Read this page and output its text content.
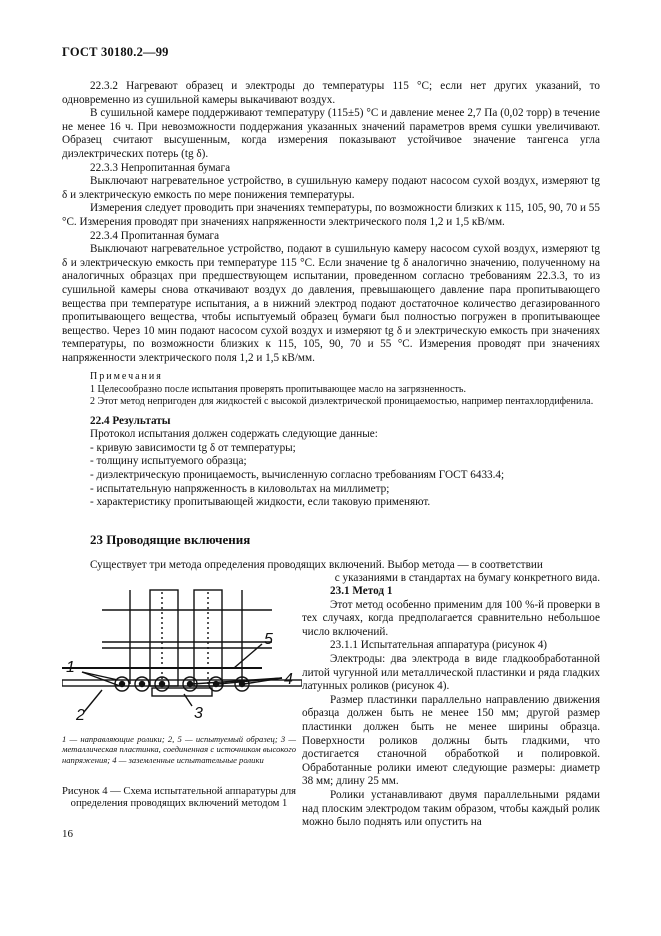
ГОСТ 30180.2—99

22.3.2 Нагревают образец и электроды до температуры 115 °С; если нет других указаний, то одновременно из сушильной камеры выкачивают воздух.

В сушильной камере поддерживают температуру (115±5) °С и давление менее 2,7 Па (0,02 торр) в течение не менее 16 ч. При невозможности поддержания указанных значений параметров время сушки увеличивают. Образец считают высушенным, когда измерения показывают устойчивое значение тангенса угла диэлектрических потерь (tg δ).

22.3.3 Непропитанная бумага

Выключают нагревательное устройство, в сушильную камеру подают насосом сухой воздух, измеряют tg δ и электрическую емкость по мере понижения температуры.

Измерения следует проводить при значениях температуры, по возможности близких к 115, 105, 90, 70 и 55 °С. Измерения проводят при значениях напряженности электрического поля 1,2 и 1,5 кВ/мм.

22.3.4 Пропитанная бумага

Выключают нагревательное устройство, подают в сушильную камеру насосом сухой воздух, измеряют tg δ и электрическую емкость при температуре 115 °С. Если значение tg δ аналогично значению, полученному на аналогичных образцах при предшествующем испытании, проведенном согласно требованиям 22.3.3, то из сушильной камеры снова откачивают воздух до давления, превышающего давление пара пропитывающего вещества при температуре испытания, а в нижний электрод подают достаточное количество дегазированного пропитывающего вещества, чтобы испытуемый образец бумаги был полностью погружен в пропитывающее вещество. Через 10 мин подают насосом сухой воздух и измеряют tg δ и электрическую емкость при значениях температуры, по возможности близких к 115, 105, 90, 70 и 55 °С. Измерения проводят при значениях напряженности электрического поля 1,2 и 1,5 кВ/мм.

Примечания

1 Целесообразно после испытания проверять пропитывающее масло на загрязненность.

2 Этот метод непригоден для жидкостей с высокой диэлектрической проницаемостью, например пентахлордифенила.

22.4 Результаты

Протокол испытания должен содержать следующие данные:

- кривую зависимости tg δ от температуры;

- толщину испытуемого образца;

- диэлектрическую проницаемость, вычисленную согласно требованиям ГОСТ 6433.4;

- испытательную напряженность в киловольтах на миллиметр;

- характеристику пропитывающей жидкости, если таковую применяют.

23 Проводящие включения

Существует три метода определения проводящих включений. Выбор метода — в соответствии

с указаниями в стандартах на бумагу конкретного вида.

23.1 Метод 1

Этот метод особенно применим для 100 %-й проверки в тех случаях, когда предполагается сравнительно небольшое число включений.

23.1.1 Испытательная аппаратура (рисунок 4)

Электроды: два электрода в виде гладкообработанной литой чугунной или металлической пластинки и ряда гладких латунных роликов (рисунок 4).

Размер пластинки параллельно направлению движения образца должен быть не менее 150 мм; другой размер пластинки должен быть не менее ширины образца. Поверхности роликов должны быть гладкими, что достигается станочной обработкой и полировкой. Обработанные ролики имеют следующие размеры: диаметр 38 мм; длину 25 мм.

Ролики устанавливают двумя параллельными рядами над плоским электродом таким образом, чтобы каждый ролик можно было поднять или опустить на

1
2	3
4
5
1 — направляющие ролики; 2, 5 — испытуемый образец; 3 — металлическая пластинка, соединенная с источником высокого напряжения; 4 — заземленные испытательные ролики
Рисунок 4 — Схема испытательной аппаратуры для определения проводящих включений методом 1
16
